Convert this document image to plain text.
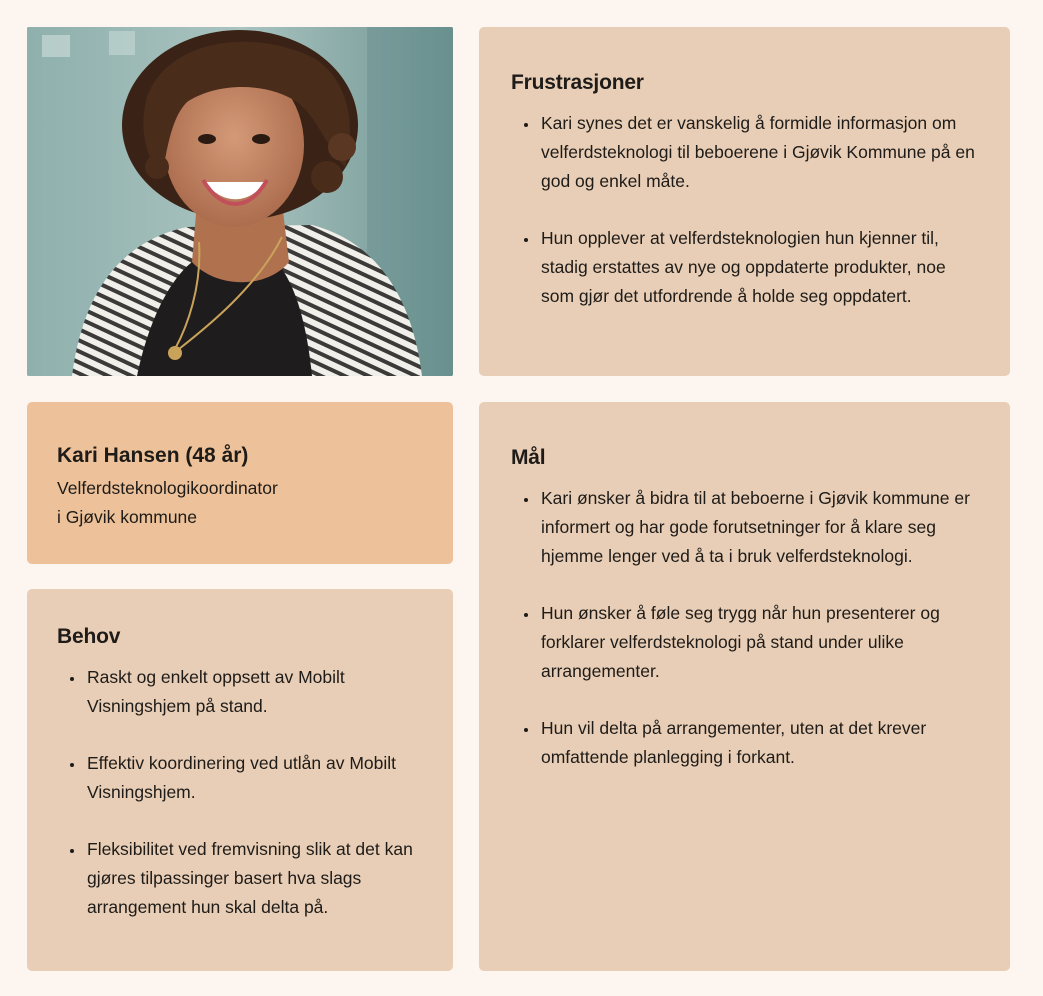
Frustrasjoner
• Kari synes det er vanskelig å formidle informasjon om velferdsteknologi til beboerene i Gjøvik Kommune på en god og enkel måte.
• Hun opplever at velferdsteknologien hun kjenner til, stadig erstattes av nye og oppdaterte produkter, noe som gjør det utfordrende å holde seg oppdatert.

Kari Hansen (48 år)

Velferdsteknologikoordinator

i Gjøvik kommune

Behov
• Raskt og enkelt oppsett av Mobilt Visningshjem på stand.
• Effektiv koordinering ved utlån av Mobilt Visningshjem.
• Fleksibilitet ved fremvisning slik at det kan gjøres tilpassinger basert hva slags arrangement hun skal delta på.
Mål
• Kari ønsker å bidra til at beboerne i Gjøvik kommune er informert og har gode forutsetninger for å klare seg hjemme lenger ved å ta i bruk velferdsteknologi.
• Hun ønsker å føle seg trygg når hun presenterer og forklarer velferdsteknologi på stand under ulike arrangementer.
• Hun vil delta på arrangementer, uten at det krever omfattende planlegging i forkant.
